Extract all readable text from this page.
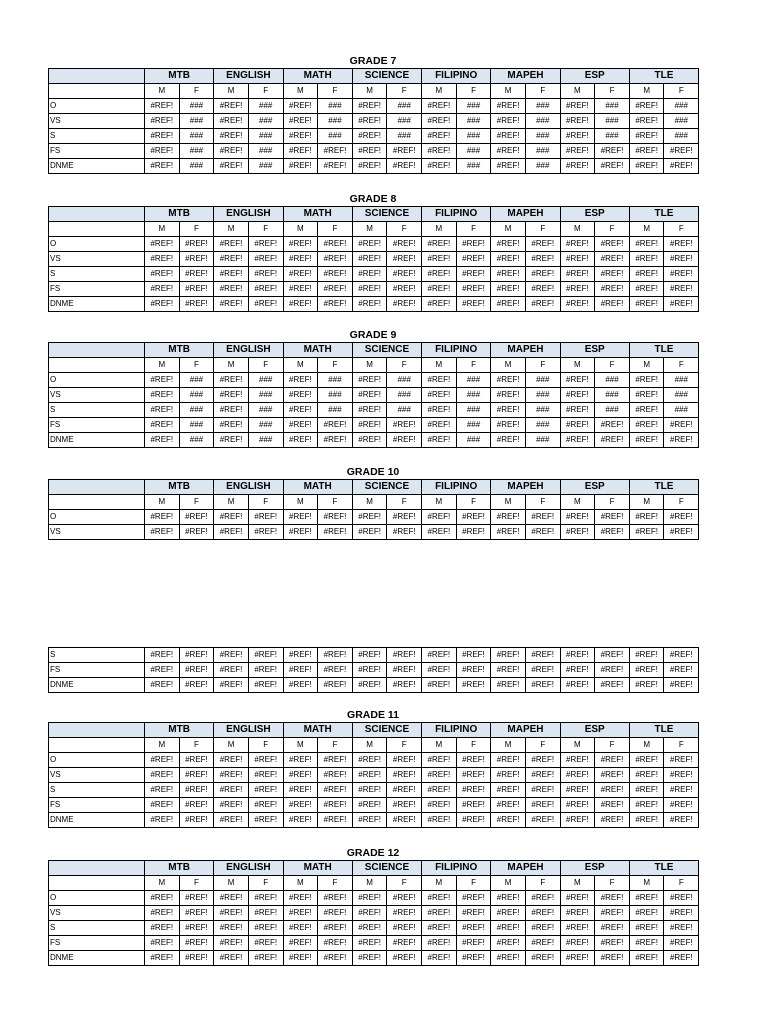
GRADE 7
	MTB		ENGLISH		MATH		SCIENCE		FILIPINO		MAPEH		ESP		TLE	
	M	F	M	F	M	F	M	F	M	F	M	F	M	F	M	F
O	#REF!	###	#REF!	###	#REF!	###	#REF!	###	#REF!	###	#REF!	###	#REF!	###	#REF!	###
VS	#REF!	###	#REF!	###	#REF!	###	#REF!	###	#REF!	###	#REF!	###	#REF!	###	#REF!	###
S	#REF!	###	#REF!	###	#REF!	###	#REF!	###	#REF!	###	#REF!	###	#REF!	###	#REF!	###
FS	#REF!	###	#REF!	###	#REF!	#REF!	#REF!	#REF!	#REF!	###	#REF!	###	#REF!	#REF!	#REF!	#REF!
DNME	#REF!	###	#REF!	###	#REF!	#REF!	#REF!	#REF!	#REF!	###	#REF!	###	#REF!	#REF!	#REF!	#REF!
GRADE 8
	MTB		ENGLISH		MATH		SCIENCE		FILIPINO		MAPEH		ESP		TLE	
	M	F	M	F	M	F	M	F	M	F	M	F	M	F	M	F
O	#REF!	#REF!	#REF!	#REF!	#REF!	#REF!	#REF!	#REF!	#REF!	#REF!	#REF!	#REF!	#REF!	#REF!	#REF!	#REF!
VS	#REF!	#REF!	#REF!	#REF!	#REF!	#REF!	#REF!	#REF!	#REF!	#REF!	#REF!	#REF!	#REF!	#REF!	#REF!	#REF!
S	#REF!	#REF!	#REF!	#REF!	#REF!	#REF!	#REF!	#REF!	#REF!	#REF!	#REF!	#REF!	#REF!	#REF!	#REF!	#REF!
FS	#REF!	#REF!	#REF!	#REF!	#REF!	#REF!	#REF!	#REF!	#REF!	#REF!	#REF!	#REF!	#REF!	#REF!	#REF!	#REF!
DNME	#REF!	#REF!	#REF!	#REF!	#REF!	#REF!	#REF!	#REF!	#REF!	#REF!	#REF!	#REF!	#REF!	#REF!	#REF!	#REF!
GRADE 9
	MTB		ENGLISH		MATH		SCIENCE		FILIPINO		MAPEH		ESP		TLE	
	M	F	M	F	M	F	M	F	M	F	M	F	M	F	M	F
O	#REF!	###	#REF!	###	#REF!	###	#REF!	###	#REF!	###	#REF!	###	#REF!	###	#REF!	###
VS	#REF!	###	#REF!	###	#REF!	###	#REF!	###	#REF!	###	#REF!	###	#REF!	###	#REF!	###
S	#REF!	###	#REF!	###	#REF!	###	#REF!	###	#REF!	###	#REF!	###	#REF!	###	#REF!	###
FS	#REF!	###	#REF!	###	#REF!	#REF!	#REF!	#REF!	#REF!	###	#REF!	###	#REF!	#REF!	#REF!	#REF!
DNME	#REF!	###	#REF!	###	#REF!	#REF!	#REF!	#REF!	#REF!	###	#REF!	###	#REF!	#REF!	#REF!	#REF!
GRADE 10
	MTB		ENGLISH		MATH		SCIENCE		FILIPINO		MAPEH		ESP		TLE	
	M	F	M	F	M	F	M	F	M	F	M	F	M	F	M	F
O	#REF!	#REF!	#REF!	#REF!	#REF!	#REF!	#REF!	#REF!	#REF!	#REF!	#REF!	#REF!	#REF!	#REF!	#REF!	#REF!
VS	#REF!	#REF!	#REF!	#REF!	#REF!	#REF!	#REF!	#REF!	#REF!	#REF!	#REF!	#REF!	#REF!	#REF!	#REF!	#REF!
S	#REF!	#REF!	#REF!	#REF!	#REF!	#REF!	#REF!	#REF!	#REF!	#REF!	#REF!	#REF!	#REF!	#REF!	#REF!	#REF!
FS	#REF!	#REF!	#REF!	#REF!	#REF!	#REF!	#REF!	#REF!	#REF!	#REF!	#REF!	#REF!	#REF!	#REF!	#REF!	#REF!
DNME	#REF!	#REF!	#REF!	#REF!	#REF!	#REF!	#REF!	#REF!	#REF!	#REF!	#REF!	#REF!	#REF!	#REF!	#REF!	#REF!
GRADE 11
	MTB		ENGLISH		MATH		SCIENCE		FILIPINO		MAPEH		ESP		TLE	
	M	F	M	F	M	F	M	F	M	F	M	F	M	F	M	F
O	#REF!	#REF!	#REF!	#REF!	#REF!	#REF!	#REF!	#REF!	#REF!	#REF!	#REF!	#REF!	#REF!	#REF!	#REF!	#REF!
VS	#REF!	#REF!	#REF!	#REF!	#REF!	#REF!	#REF!	#REF!	#REF!	#REF!	#REF!	#REF!	#REF!	#REF!	#REF!	#REF!
S	#REF!	#REF!	#REF!	#REF!	#REF!	#REF!	#REF!	#REF!	#REF!	#REF!	#REF!	#REF!	#REF!	#REF!	#REF!	#REF!
FS	#REF!	#REF!	#REF!	#REF!	#REF!	#REF!	#REF!	#REF!	#REF!	#REF!	#REF!	#REF!	#REF!	#REF!	#REF!	#REF!
DNME	#REF!	#REF!	#REF!	#REF!	#REF!	#REF!	#REF!	#REF!	#REF!	#REF!	#REF!	#REF!	#REF!	#REF!	#REF!	#REF!
GRADE 12
	MTB		ENGLISH		MATH		SCIENCE		FILIPINO		MAPEH		ESP		TLE	
	M	F	M	F	M	F	M	F	M	F	M	F	M	F	M	F
O	#REF!	#REF!	#REF!	#REF!	#REF!	#REF!	#REF!	#REF!	#REF!	#REF!	#REF!	#REF!	#REF!	#REF!	#REF!	#REF!
VS	#REF!	#REF!	#REF!	#REF!	#REF!	#REF!	#REF!	#REF!	#REF!	#REF!	#REF!	#REF!	#REF!	#REF!	#REF!	#REF!
S	#REF!	#REF!	#REF!	#REF!	#REF!	#REF!	#REF!	#REF!	#REF!	#REF!	#REF!	#REF!	#REF!	#REF!	#REF!	#REF!
FS	#REF!	#REF!	#REF!	#REF!	#REF!	#REF!	#REF!	#REF!	#REF!	#REF!	#REF!	#REF!	#REF!	#REF!	#REF!	#REF!
DNME	#REF!	#REF!	#REF!	#REF!	#REF!	#REF!	#REF!	#REF!	#REF!	#REF!	#REF!	#REF!	#REF!	#REF!	#REF!	#REF!
